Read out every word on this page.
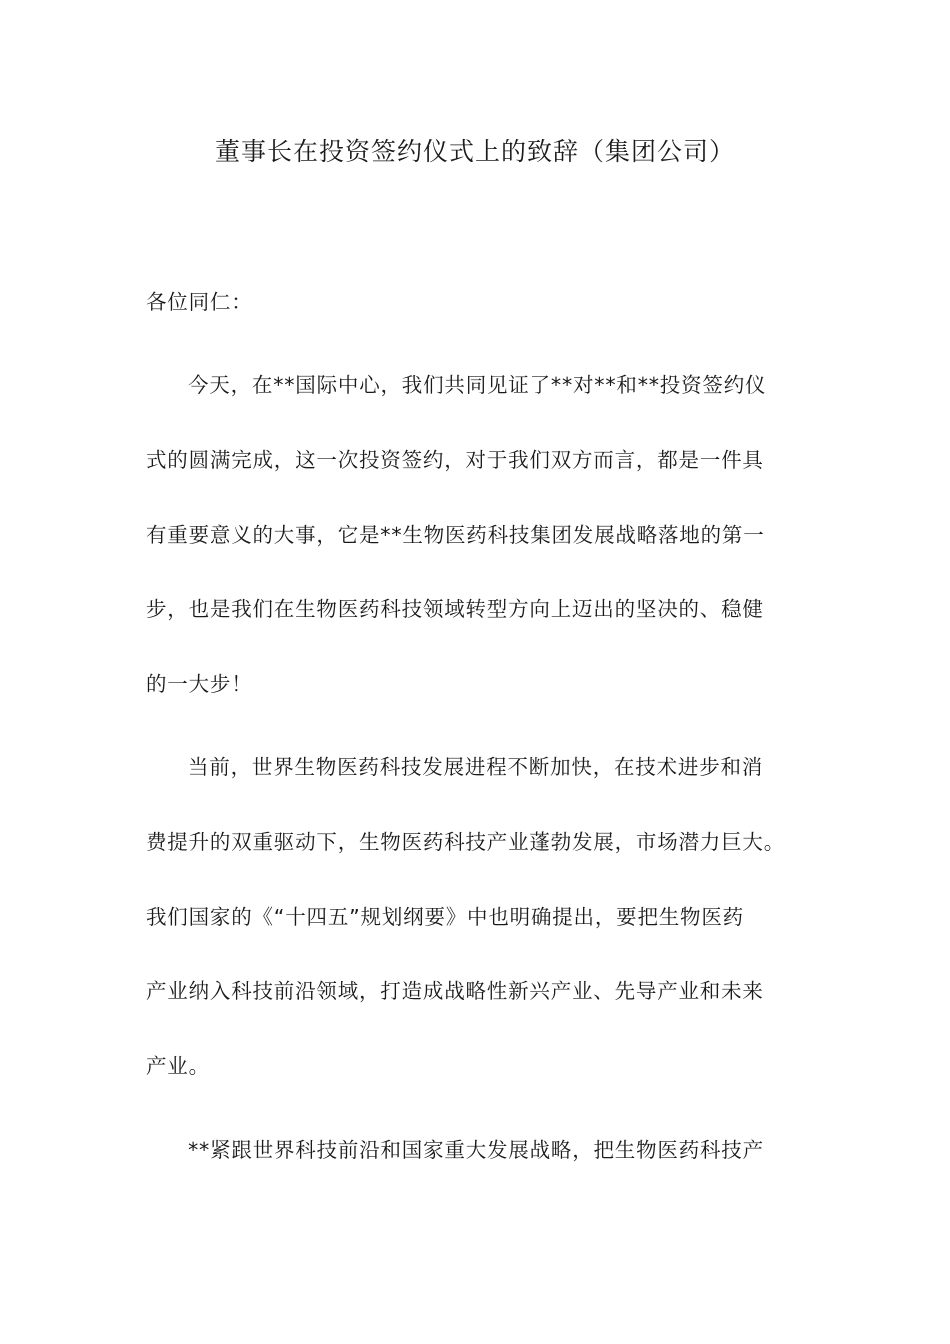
董事长在投资签约仪式上的致辞（集团公司）
各位同仁：
今天，在**国际中心，我们共同见证了**对**和**投资签约仪
式的圆满完成，这一次投资签约，对于我们双方而言，都是一件具
有重要意义的大事，它是**生物医药科技集团发展战略落地的第一
步，也是我们在生物医药科技领域转型方向上迈出的坚决的、稳健
的一大步！
当前，世界生物医药科技发展进程不断加快，在技术进步和消
费提升的双重驱动下，生物医药科技产业蓬勃发展，市场潜力巨大。
我们国家的《“十四五”规划纲要》中也明确提出，要把生物医药
产业纳入科技前沿领域，打造成战略性新兴产业、先导产业和未来
产业。
**紧跟世界科技前沿和国家重大发展战略，把生物医药科技产
